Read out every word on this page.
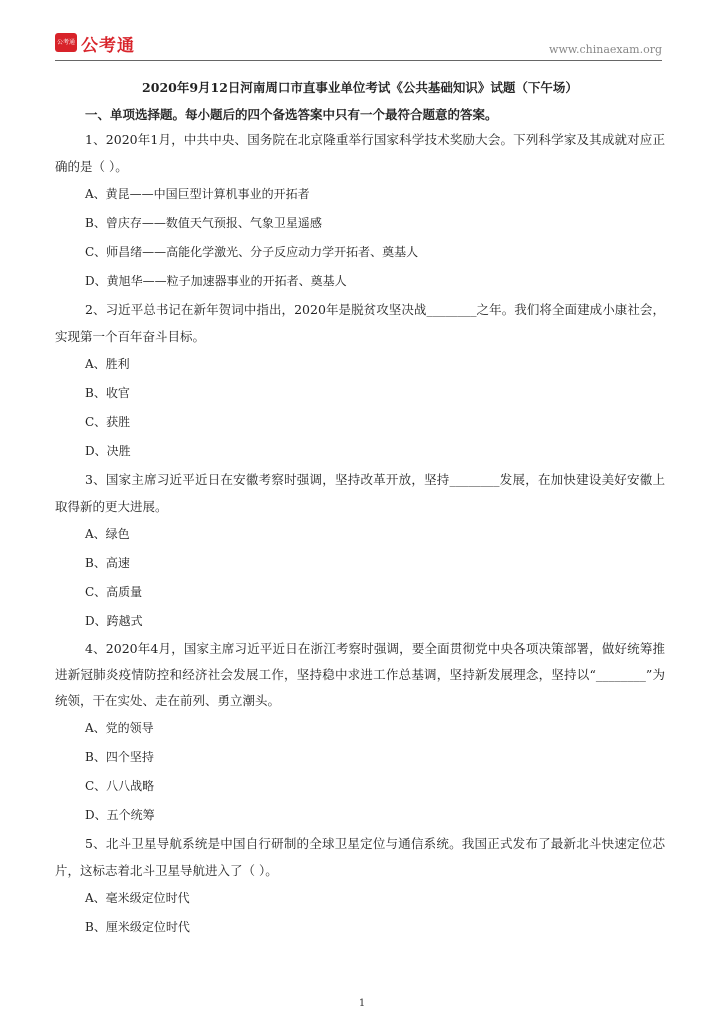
公考通 公考通	www.chinaexam.org

2020年9月12日河南周口市直事业单位考试《公共基础知识》试题（下午场）

一、单项选择题。每小题后的四个备选答案中只有一个最符合题意的答案。

1、2020年1月，中共中央、国务院在北京隆重举行国家科学技术奖励大会。下列科学家及其成就对应正确的是（ ）。

A、黄昆——中国巨型计算机事业的开拓者

B、曾庆存——数值天气预报、气象卫星遥感

C、师昌绪——高能化学激光、分子反应动力学开拓者、奠基人

D、黄旭华——粒子加速器事业的开拓者、奠基人

2、习近平总书记在新年贺词中指出，2020年是脱贫攻坚决战________之年。我们将全面建成小康社会，实现第一个百年奋斗目标。

A、胜利

B、收官

C、获胜

D、决胜

3、国家主席习近平近日在安徽考察时强调，坚持改革开放，坚持________发展，在加快建设美好安徽上取得新的更大进展。

A、绿色

B、高速

C、高质量

D、跨越式

4、2020年4月，国家主席习近平近日在浙江考察时强调，要全面贯彻党中央各项决策部署，做好统筹推进新冠肺炎疫情防控和经济社会发展工作，坚持稳中求进工作总基调，坚持新发展理念，坚持以“________”为统领，干在实处、走在前列、勇立潮头。

A、党的领导

B、四个坚持

C、八八战略

D、五个统筹

5、北斗卫星导航系统是中国自行研制的全球卫星定位与通信系统。我国正式发布了最新北斗快速定位芯片，这标志着北斗卫星导航进入了（ ）。

A、毫米级定位时代

B、厘米级定位时代

1
